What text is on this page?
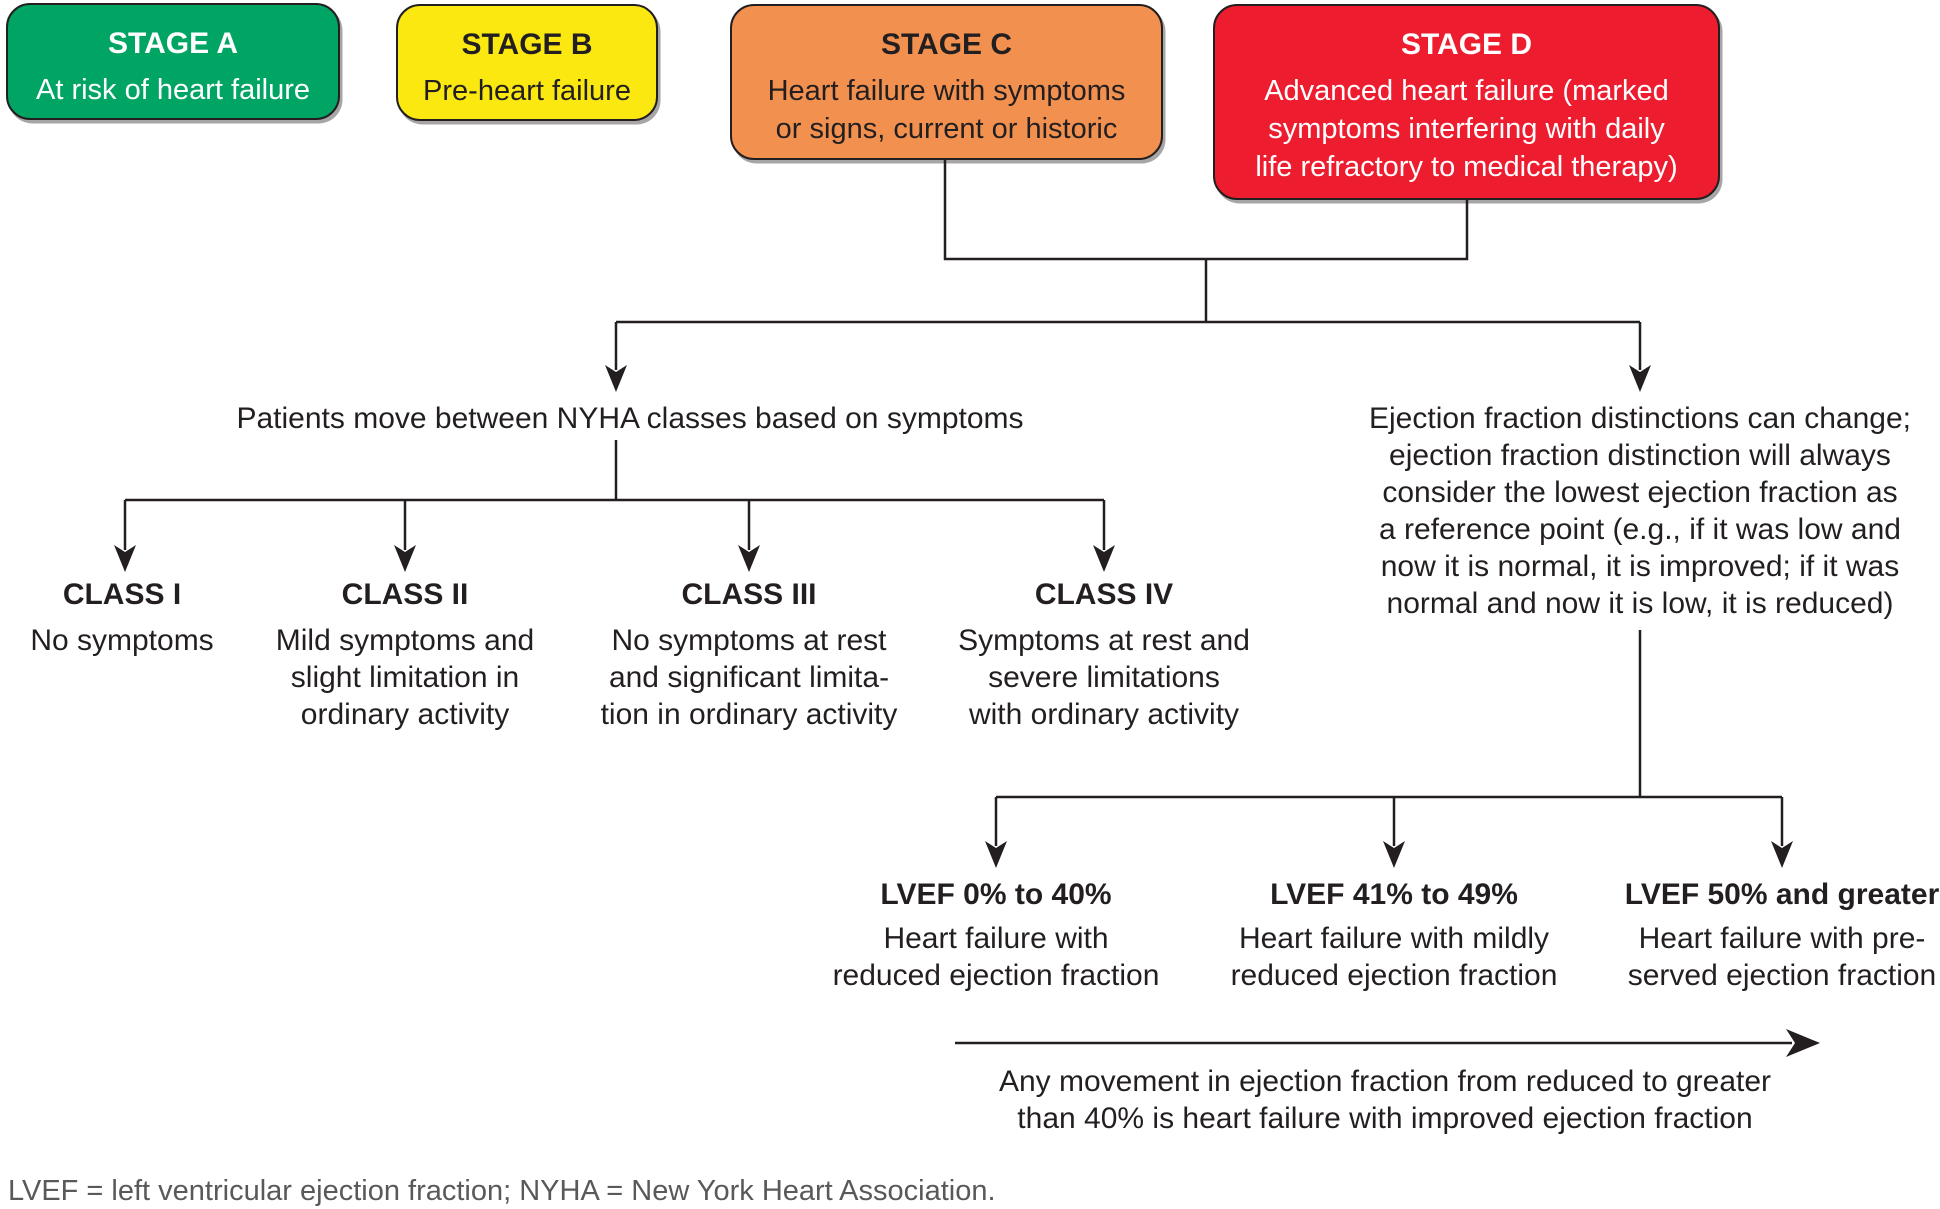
STAGE A
At risk of heart failure
STAGE B
Pre-heart failure
STAGE C
Heart failure with symptoms
or signs, current or historic
STAGE D
Advanced heart failure (marked
symptoms interfering with daily
life refractory to medical therapy)
Patients move between NYHA classes based on symptoms
CLASS I
No symptoms
CLASS II
Mild symptoms and
slight limitation in
ordinary activity
CLASS III
No symptoms at rest
and significant limita-
tion in ordinary activity
CLASS IV
Symptoms at rest and
severe limitations
with ordinary activity
Ejection fraction distinctions can change;
ejection fraction distinction will always
consider the lowest ejection fraction as
a reference point (e.g., if it was low and
now it is normal, it is improved; if it was
normal and now it is low, it is reduced)
LVEF 0% to 40%
Heart failure with
reduced ejection fraction
LVEF 41% to 49%
Heart failure with mildly
reduced ejection fraction
LVEF 50% and greater
Heart failure with pre-
served ejection fraction
Any movement in ejection fraction from reduced to greater
than 40% is heart failure with improved ejection fraction
LVEF = left ventricular ejection fraction; NYHA = New York Heart Association.
